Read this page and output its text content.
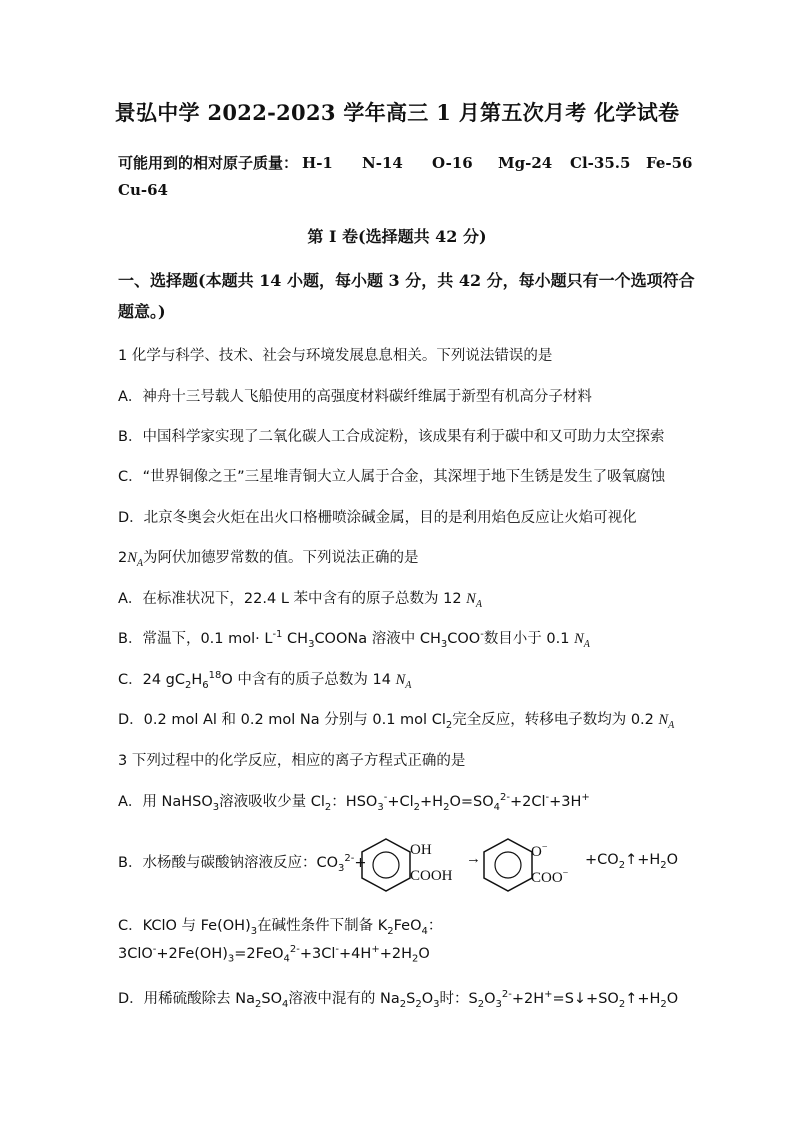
景弘中学 2022-2023 学年高三 1 月第五次月考 化学试卷
可能用到的相对原子质量： H-1 N-14 O-16 Mg-24 Cl-35.5 Fe-56
Cu-64
第 I 卷(选择题共 42 分)
一、选择题(本题共 14 小题，每小题 3 分，共 42 分，每小题只有一个选项符合
题意。)
1 化学与科学、技术、社会与环境发展息息相关。下列说法错误的是
A．神舟十三号载人飞船使用的高强度材料碳纤维属于新型有机高分子材料
B．中国科学家实现了二氧化碳人工合成淀粉，该成果有利于碳中和又可助力太空探索
C．“世界铜像之王”三星堆青铜大立人属于合金，其深埋于地下生锈是发生了吸氧腐蚀
D．北京冬奥会火炬在出火口格栅喷涂碱金属，目的是利用焰色反应让火焰可视化
$2N_A$为阿伏加德罗常数的值。下列说法正确的是
A．在标准状况下，22.4 L 苯中含有的原子总数为 12 $N_A$
B．常温下，0.1 $mol\cdot L^{-1}$ $CH_3COONa$ 溶液中 $CH_3COO^-$数目小于 0.1 $N_A$
C．24 $gC_2H_6^{18}O$ 中含有的质子总数为 14 $N_A$
D．0.2 mol Al 和 0.2 mol Na 分别与 0.1 mol $Cl_2$完全反应，转移电子数均为 0.2 $N_A$
3 下列过程中的化学反应，相应的离子方程式正确的是
A．用 NaHSO$_3$溶液吸收少量 $Cl_2$：$HSO_3^-+Cl_2+H_2O=SO_4^{2-}+2Cl^-+3H^+$
B．水杨酸与碳酸钠溶液反应：$CO_3^{2-}+$
OH
COOH
→	O−
COO−
$+CO_2↑+H_2O$
C．KClO 与 $Fe(OH)_3$在碱性条件下制备 $K_2FeO_4$：
$3ClO^-+2Fe(OH)_3=2FeO_4^{2-}+3Cl^-+4H^++2H_2O$
D．用稀硫酸除去 $Na_2SO_4$溶液中混有的 $Na_2S_2O_3$时：$S_2O_3^{2-}+2H^+=S↓+SO_2↑+H_2O$
